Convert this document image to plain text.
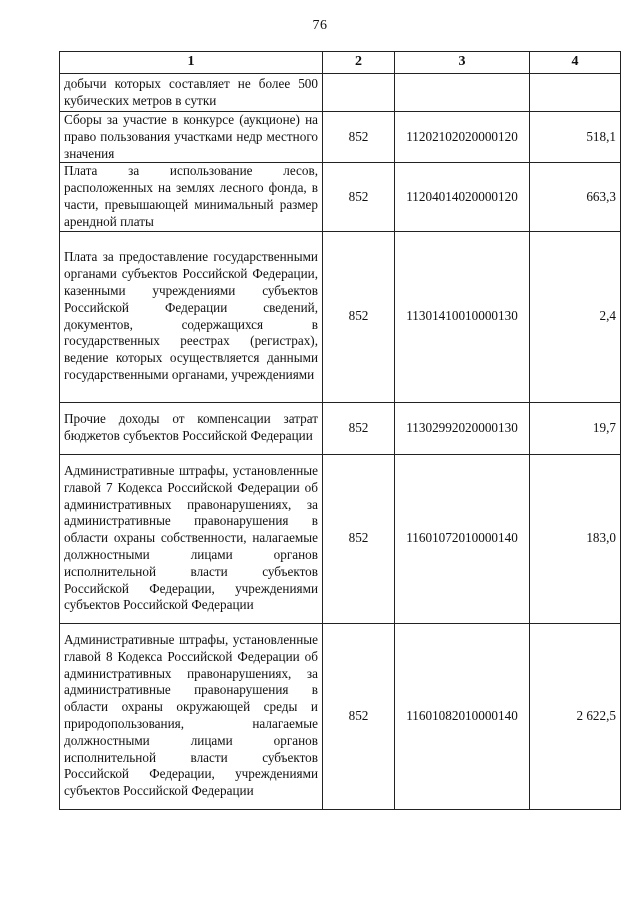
76
1	2	3	4
добычи которых составляет не более 500 кубических метров в сутки			
Сборы за участие в конкурсе (аукционе) на право пользования участками недр местного значения	852	11202102020000120	518,1
Плата за использование лесов, расположенных на землях лесного фонда, в части, превышающей минимальный размер арендной платы	852	11204014020000120	663,3
Плата за предоставление государственными органами субъектов Российской Федерации, казенными учреждениями субъектов Российской Федерации сведений, документов, содержащихся в государственных реестрах (регистрах), ведение которых осуществляется данными государственными органами, учреждениями	852	11301410010000130	2,4
Прочие доходы от компенсации затрат бюджетов субъектов Российской Федерации	852	11302992020000130	19,7
Административные штрафы, установленные главой 7 Кодекса Российской Федерации об административных правонарушениях, за административные правонарушения в области охраны собственности, налагаемые должностными лицами органов исполнительной власти субъектов Российской Федерации, учреждениями субъектов Российской Федерации	852	11601072010000140	183,0
Административные штрафы, установленные главой 8 Кодекса Российской Федерации об административных правонарушениях, за административные правонарушения в области охраны окружающей среды и природопользования, налагаемые должностными лицами органов исполнительной власти субъектов Российской Федерации, учреждениями субъектов Российской Федерации	852	11601082010000140	2 622,5
